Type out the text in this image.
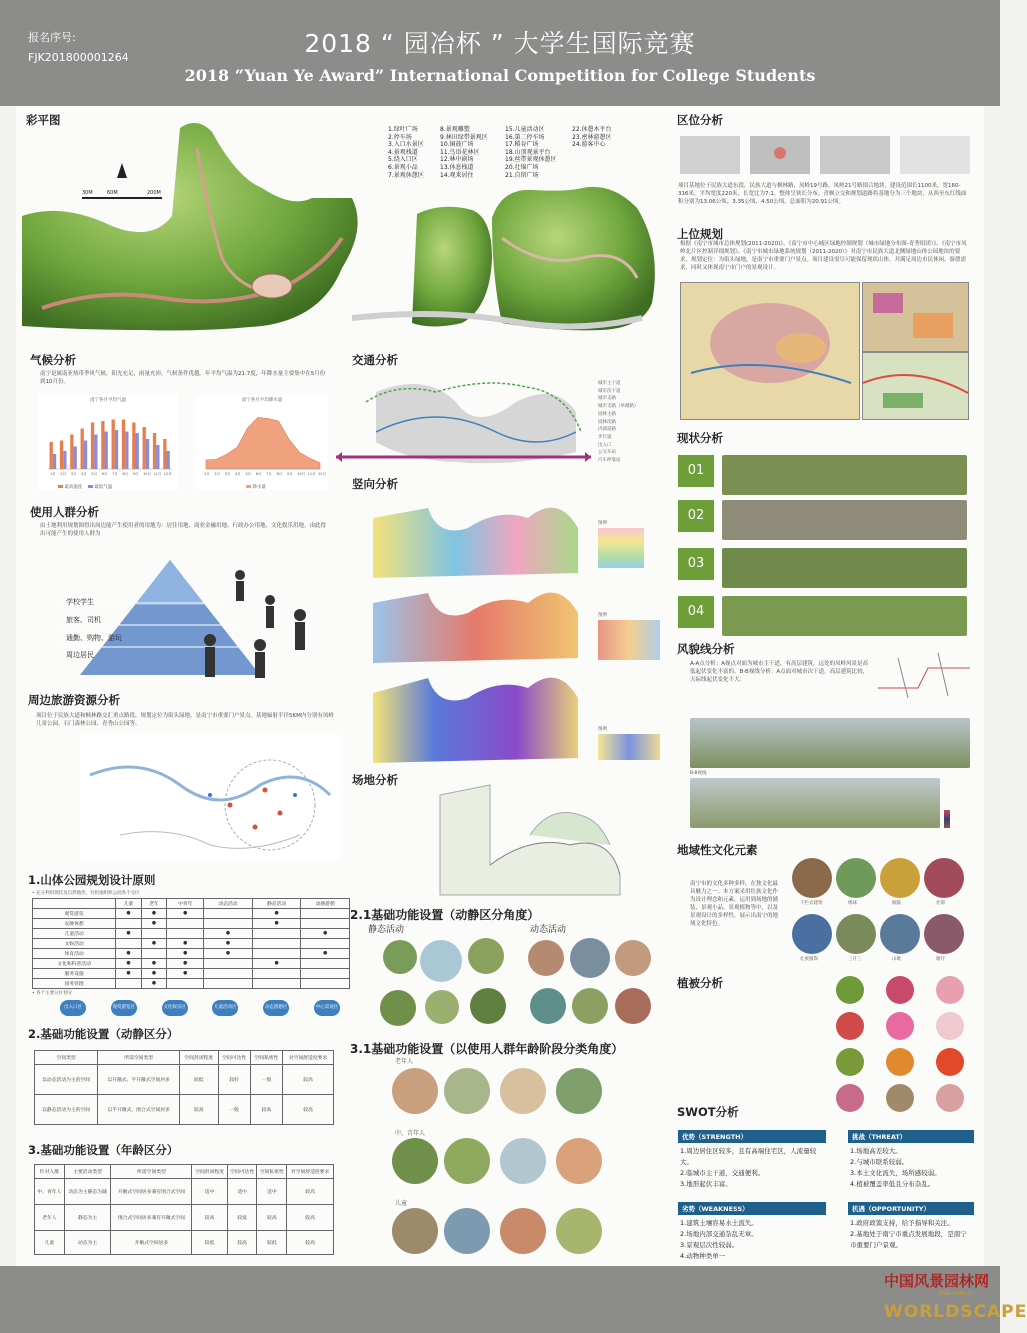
报名序号:
FJK201800001264	2018 “ 园冶杯 ” 大学生国际竞赛
2018 “Yuan Ye Award” International Competition for College Students
彩平图
30M	60M	200M
1.绿叶广场
2.停车场
3.入口水景区
4.景观栈道
5.绕入口区
6.景观小品
7.景观休憩区
8.景观雕塑
9.林田绿带景观区
10.铜鼓广场
11.鸟语花林区
12.林中剧场
13.休息栈道
14.观来居住
15.儿童活动区
16.第二停车场
17.稻谷广场
18.山顶观景平台
19.丝带景观休憩区
20.壮锦广场
21.自留广场
22.休憩木平台
23.密林游憩区
24.游客中心
气候分析
南宁是属南亚热带季风气候，阳光充足，雨量充沛，气候条件优越。年平均气温为21.7度，年降水量主要集中在5月份到10月份。
南宁各月平均气温
1月 2月 3月 4月 5月 6月 7月 8月 9月 10月 11月 12月
最高温度	最低气温
南宁各月平均降水量
1月 2月 3月 4月 5月 6月 7月 8月 9月 10月 11月 12月
降水量
使用人群分析
由土地利用规划图得出周边能产生使用者的用地为：居住用地、商业金融用地、行政办公用地、文化娱乐用地。由此得出可能产生的使用人群为
学校学生
旅客、司机
通勤、购物、游玩
周边居民
周边旅游资源分析
项目位于民族大道和枫林路交汇重点路段，规划定位为街头绿地，是南宁市重要门户景点。基地辐射半径5KM内分别有凤岭儿童公园、石门森林公园、青秀山公园等。
1.山体公园规划设计原则
• 充分利用现状及自然地形，有机地组织公园各个分区
	儿童	老年	中青年	动态活动	静态活动	动感游憩
观赏游览	●	●	●		●	
安静休憩		●			●	
儿童活动	●			●		●
文娱活动		●	●	●		
体育活动	●		●	●		●
文化和科普活动	●	●	●		●	
服务设施	●	●	●			
园务管理		●				
• 各个主要分区划分
出入口区	观赏游览区	文化娱乐区	儿童活动区	动态游憩区	中心景观区
2.基础功能设置（动静区分）
空间类型	所需空间类型	空间封闭程度	空间可达性	空间私密性	对空间舒适度要求
以动态活动为主的空间	以开敞式、半开敞式空间居多	较低	较好	一般	较高
以静态活动为主的空间	以半开敞式、围合式空间居多	较高	一般	较高	较高
3.基础功能设置（年龄区分）
针对人群	主要活动类型	所需空间类型	空间封闭程度	空间可达性	空间私密性	对空间舒适度要求
中、青年人	动态为主静态为辅	开敞式空间居多兼有围合式空间	适中	适中	适中	较高
老年人	静态为主	围合式空间居多兼有开敞式空间	较高	较低	较高	较高
儿童	动态为主	开敞式空间居多	较低	较高	较低	较高
交通分析
城市主干道
城市次干道
城市支路
城市支路（单循路）
园林主路
园林次路
内部道路
步行道
出入口
公交车站
汽车停靠站
竖向分析
图例
图例
图例
场地分析
2.1基础功能设置（动静区分角度）
静态活动	动态活动
3.1基础功能设置（以使用人群年龄阶段分类角度）
老年人
中、青年人
儿童
区位分析
项目基地位于民族大道东段，民族大道与枫林路、凤岭19号路、凤岭21号路围合地块，建设范围长1100米，宽160-316米，平均宽度220米，长宽比为7:1，整体呈狭长分布。青枫立交和规划道路将基地分为三个地块，从西至东红线面积分别为13.06公顷、3.35公顷、4.50公顷，总面积为20.91公顷。
上位规划
根据《南宁市城市总体规划(2011-2020)》、《南宁市中心城区绿地控制规划（城市绿地分布图-青秀组团）》、《南宁市凤岭北片区控制详细规划》、《南宁市城市绿地系统规划（2011-2020）》对南宁市民族大道北侧绿地山体公园地块的要求。规划定位：为街头绿地，是南宁市重要门户景点。项目建设需尽可能保留现状山体，并满足周边市民休闲、游憩需求，同时又体现南宁市门户的景观设计。
现状分析
01
02
03
04
风貌线分析
A-A点分析：A视点对面为城市主干道，有高层建筑，远处的凤岭风景是高低起伏变化丰富的。B-B视线分析：A点面对城市次干道，高层建筑比较，天际线起伏变化不大。
B-B视线
地域性文化元素
南宁市的文化多种多样，在独文化最具魅力之一。本方案采用壮族文化作为设计理念和元素，运用到场地的铺装、景观小品、景观植物等中，以及景观设计的多样性，展示出南宁的地域文化特色。
干栏式建筑	绣球	铜鼓	壮锦
壮族服饰	三月三	山歌	歌圩
植被分析
SWOT分析
优势（STRENGTH）
1.周边居住区较多，且有高端住宅区，人流量较大。
2.临城市主干道，交通便利。
3.地形起伏丰富。
劣势（WEAKNESS）
1.建筑土壤容易水土流失。
2.场地内部交通杂乱无章。
3.景观层次性较弱。
4.动物种类单一
挑战（THREAT）
1.场地高差较大。
2.与城市联系较弱。
3.本土文化流失，场所感较弱。
4.植被覆盖率低且分布杂乱。
机遇（OPPORTUNITY）
1.政府政策支持，给予指导和关注。
2.基地处于南宁市重点发展地段，是南宁市重要门户景观。
中国风景园林网
chla.com.cn
WORLDSCAPE
